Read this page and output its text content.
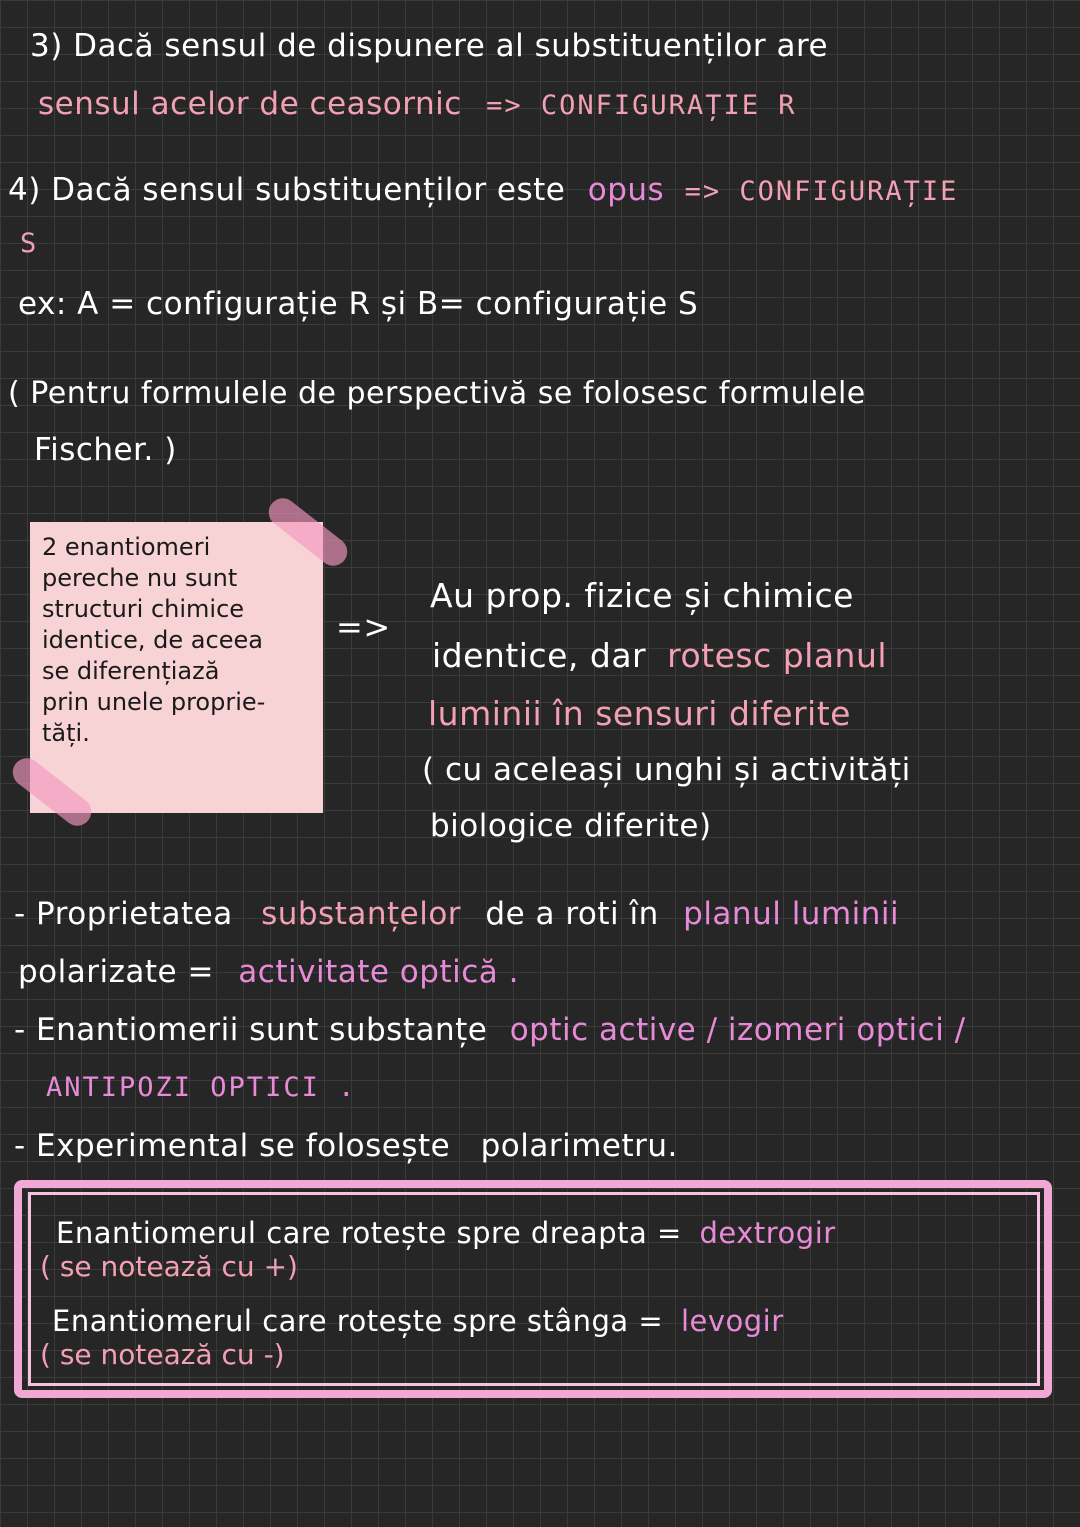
3) Dacă sensul de dispunere al substituenților are
sensul acelor de ceasornic => CONFIGURAȚIE R
4) Dacă sensul substituenților este opus => CONFIGURAȚIE
S
ex: A = configurație R și B= configurație S
( Pentru formulele de perspectivă se folosesc formulele
Fischer. )
2 enantiomeri
pereche nu sunt
structuri chimice
identice, de aceea
se diferențiază
prin unele proprie-
tăți.
=>
Au prop. fizice și chimice
identice, dar rotesc planul
luminii în sensuri diferite
( cu aceleași unghi și activități
biologice diferite)
- Proprietatea substanțelor de a roti în planul luminii
polarizate = activitate optică .
- Enantiomerii sunt substanțe optic active / izomeri optici /
ANTIPOZI OPTICI .
- Experimental se folosește polarimetru.
Enantiomerul care rotește spre dreapta = dextrogir
( se notează cu +)
Enantiomerul care rotește spre stânga = levogir
( se notează cu -)
